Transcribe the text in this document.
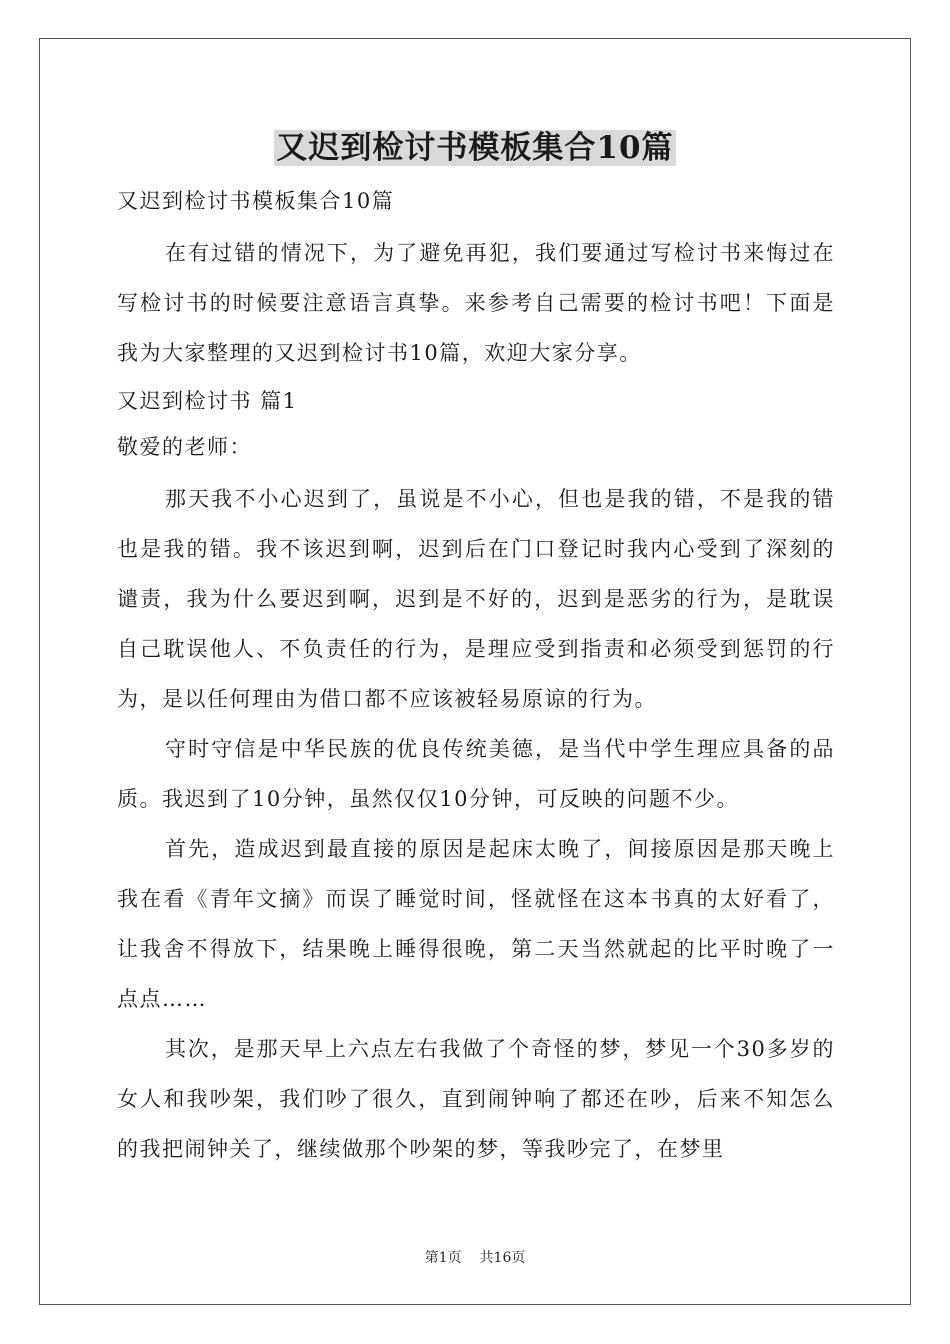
又迟到检讨书模板集合10篇

又迟到检讨书模板集合10篇

在有过错的情况下，为了避免再犯，我们要通过写检讨书来悔过在写检讨书的时候要注意语言真挚。来参考自己需要的检讨书吧！下面是我为大家整理的又迟到检讨书10篇，欢迎大家分享。

又迟到检讨书 篇1

敬爱的老师：

那天我不小心迟到了，虽说是不小心，但也是我的错，不是我的错也是我的错。我不该迟到啊，迟到后在门口登记时我内心受到了深刻的谴责，我为什么要迟到啊，迟到是不好的，迟到是恶劣的行为，是耽误自己耽误他人、不负责任的行为，是理应受到指责和必须受到惩罚的行为，是以任何理由为借口都不应该被轻易原谅的行为。

守时守信是中华民族的优良传统美德，是当代中学生理应具备的品质。我迟到了10分钟，虽然仅仅10分钟，可反映的问题不少。

首先，造成迟到最直接的原因是起床太晚了，间接原因是那天晚上我在看《青年文摘》而误了睡觉时间，怪就怪在这本书真的太好看了，让我舍不得放下，结果晚上睡得很晚，第二天当然就起的比平时晚了一点点……

其次，是那天早上六点左右我做了个奇怪的梦，梦见一个30多岁的女人和我吵架，我们吵了很久，直到闹钟响了都还在吵，后来不知怎么的我把闹钟关了，继续做那个吵架的梦，等我吵完了，在梦里

第1页 共16页
